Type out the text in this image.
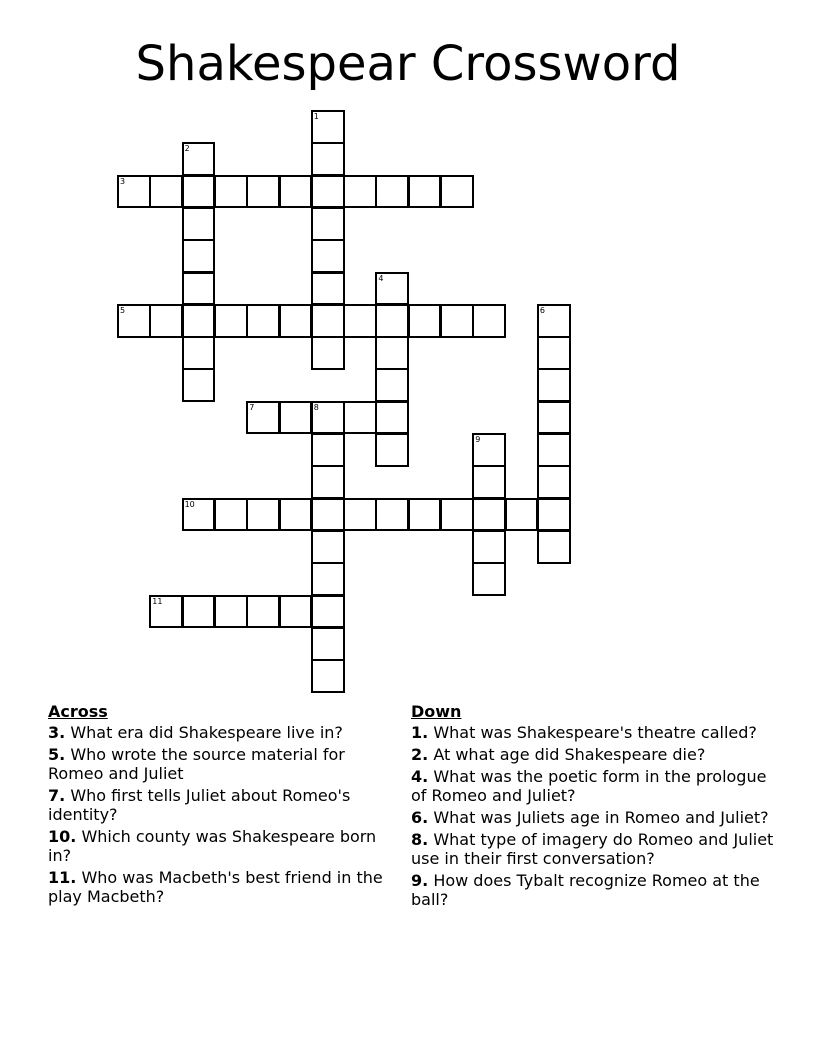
Shakespear Crossword
1
2
3
4
5	6
7	8
9
10
11
Across
3. What era did Shakespeare live in?
5. Who wrote the source material for Romeo and Juliet
7. Who first tells Juliet about Romeo's identity?
10. Which county was Shakespeare born in?
11. Who was Macbeth's best friend in the play Macbeth?
Down
1. What was Shakespeare's theatre called?
2. At what age did Shakespeare die?
4. What was the poetic form in the prologue of Romeo and Juliet?
6. What was Juliets age in Romeo and Juliet?
8. What type of imagery do Romeo and Juliet use in their first conversation?
9. How does Tybalt recognize Romeo at the ball?
